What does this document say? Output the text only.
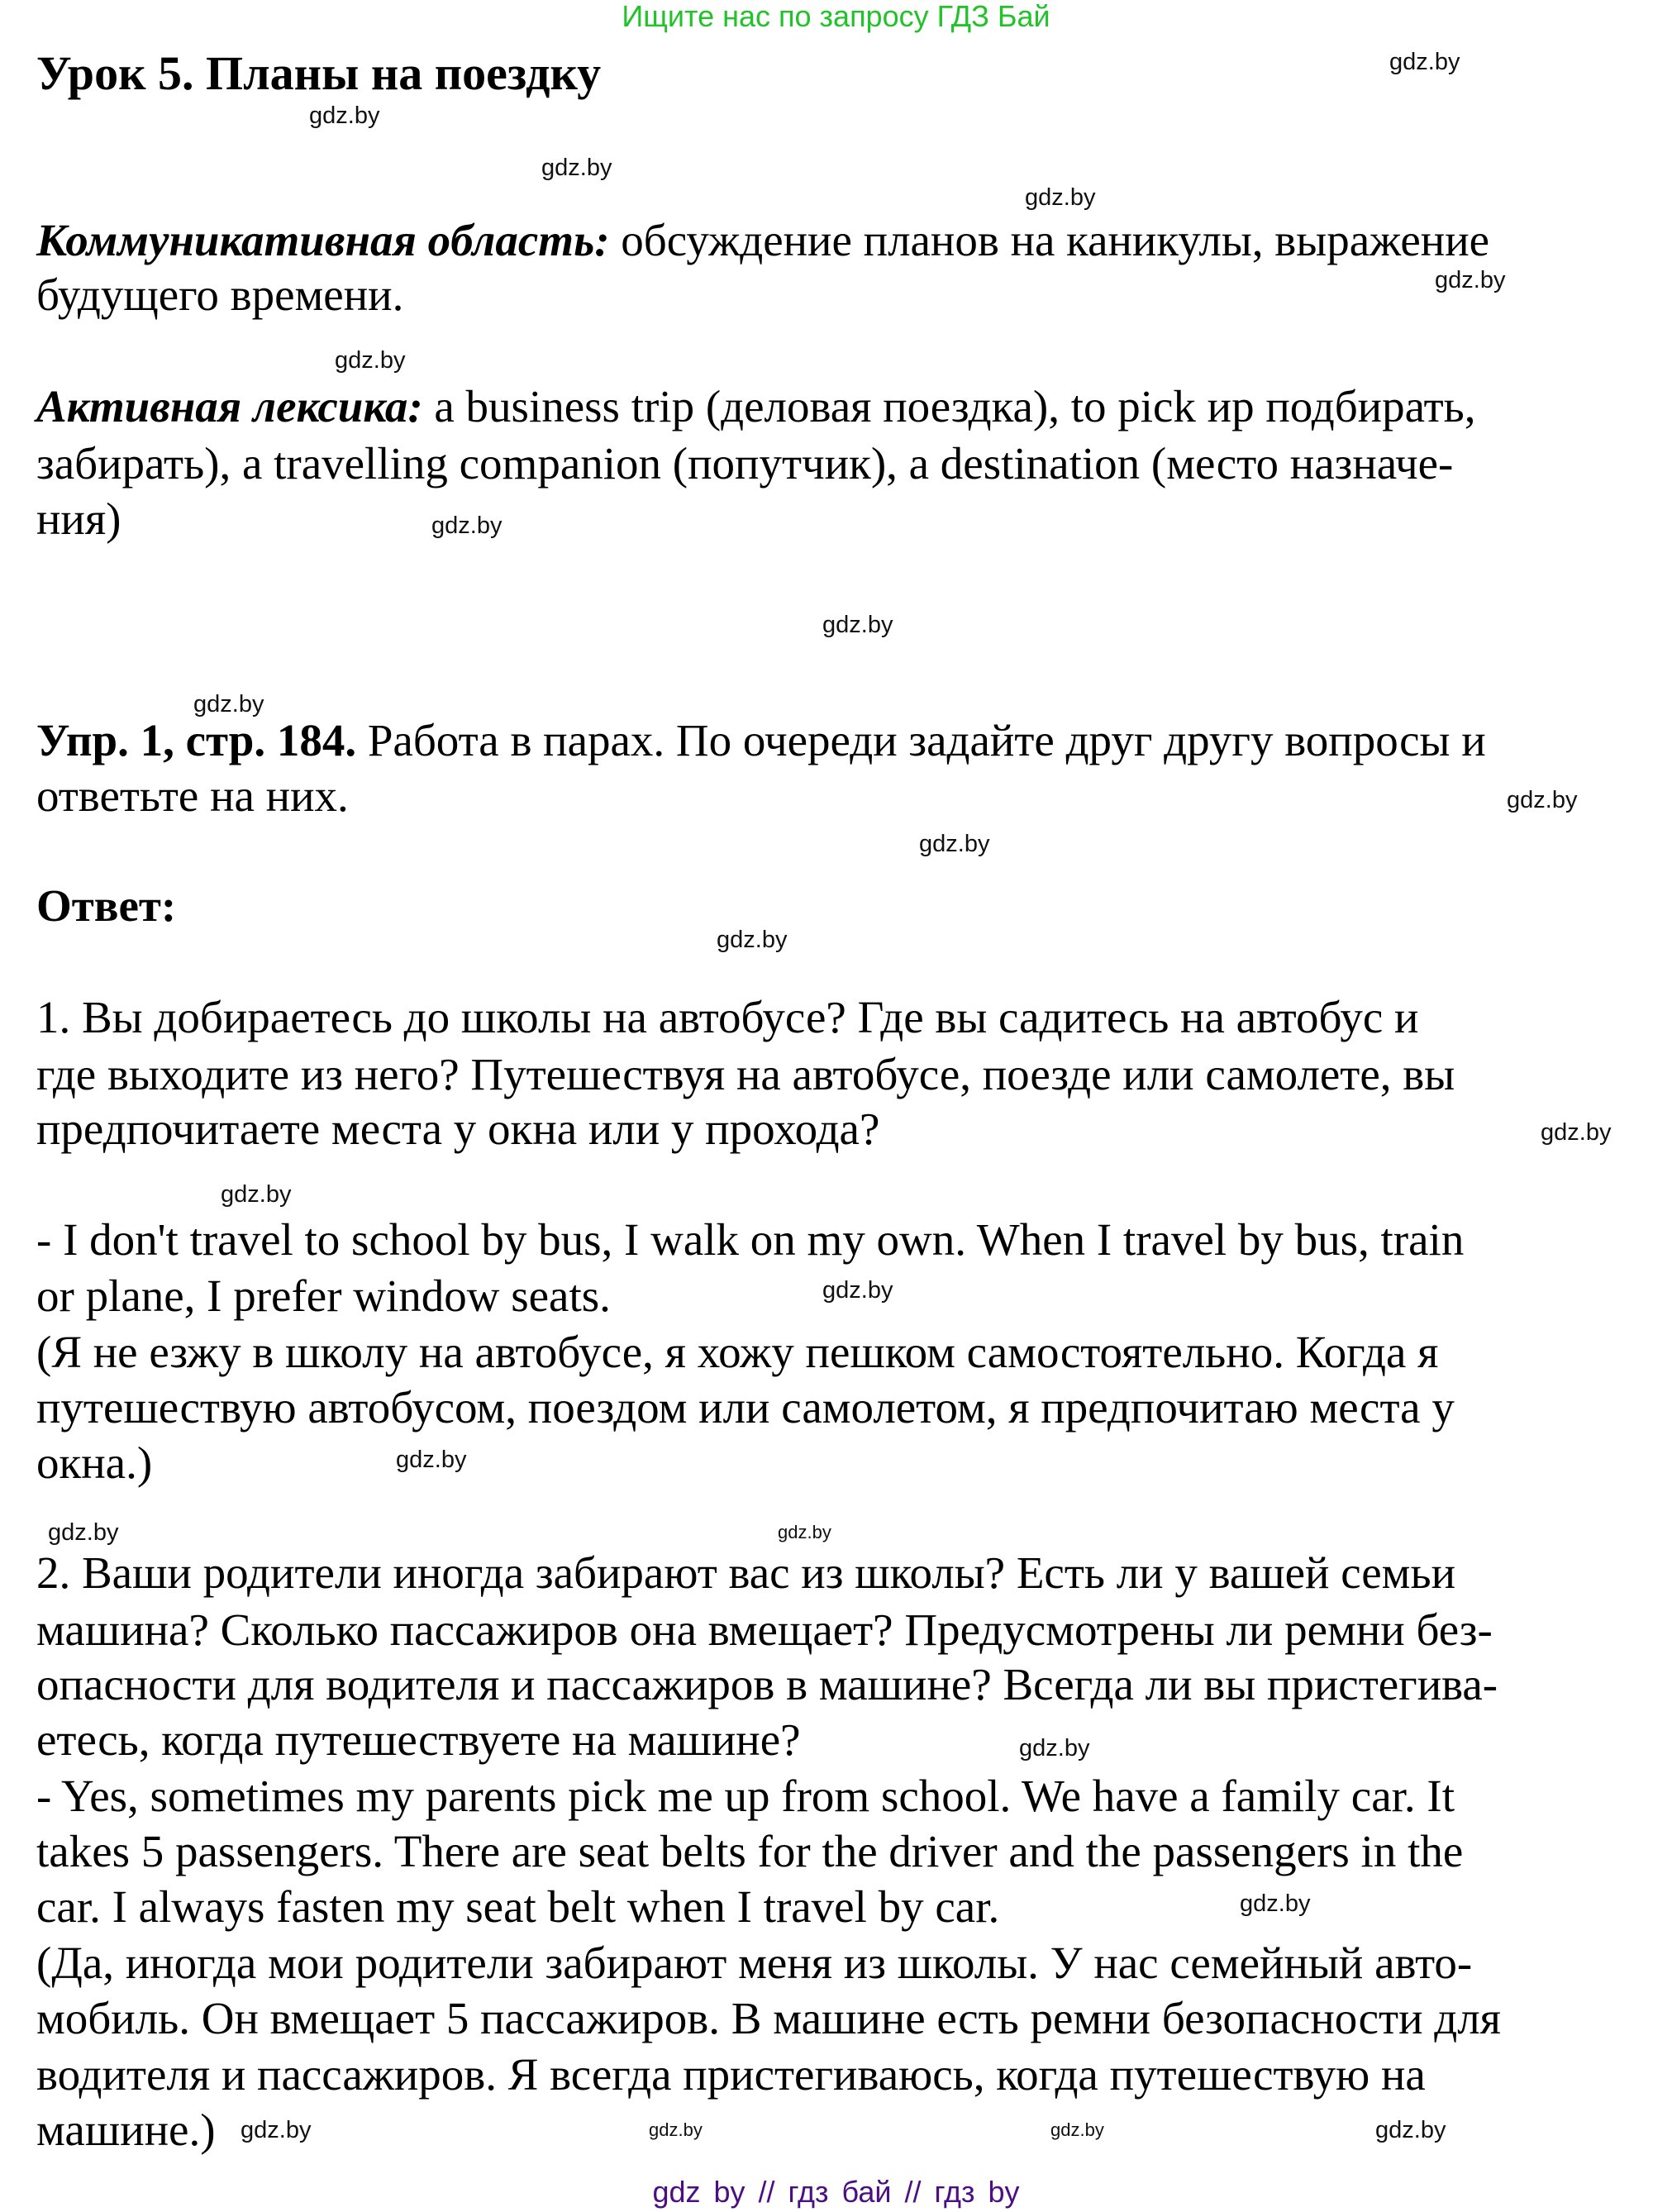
Ищите нас по запросу ГДЗ Бай
Урок 5. Планы на поездку
Коммуникативная область: обсуждение планов на каникулы, выражение
будущего времени.
Активная лексика: a business trip (деловая поездка), to pick ир подбирать,
забирать), a travelling companion (попутчик), a destination (место назначе-
ния)
Упр. 1, стр. 184. Работа в парах. По очереди задайте друг другу вопросы и
ответьте на них.
Ответ:
1. Вы добираетесь до школы на автобусе? Где вы садитесь на автобус и
где выходите из него? Путешествуя на автобусе, поезде или самолете, вы
предпочитаете места у окна или у прохода?
- I don't travel to school by bus, I walk on my own. When I travel by bus, train
or plane, I prefer window seats.
(Я не езжу в школу на автобусе, я хожу пешком самостоятельно. Когда я
путешествую автобусом, поездом или самолетом, я предпочитаю места у
окна.)
2. Ваши родители иногда забирают вас из школы? Есть ли у вашей семьи
машина? Сколько пассажиров она вмещает? Предусмотрены ли ремни без-
опасности для водителя и пассажиров в машине? Всегда ли вы пристегива-
етесь, когда путешествуете на машине?
- Yes, sometimes my parents pick me up from school. We have a family car. It
takes 5 passengers. There are seat belts for the driver and the passengers in the
car. I always fasten my seat belt when I travel by car.
(Да, иногда мои родители забирают меня из школы. У нас семейный авто-
мобиль. Он вмещает 5 пассажиров. В машине есть ремни безопасности для
водителя и пассажиров. Я всегда пристегиваюсь, когда путешествую на
машине.)
gdz.by
gdz.by
gdz.by
gdz.by
gdz.by
gdz.by
gdz.by
gdz.by
gdz.by
gdz.by
gdz.by
gdz.by
gdz.by
gdz.by
gdz.by
gdz.by
gdz.by	gdz.by
gdz.by
gdz.by
gdz.by	gdz.by
gdz.by
gdz.by
gdz by // гдз бай // гдз by
